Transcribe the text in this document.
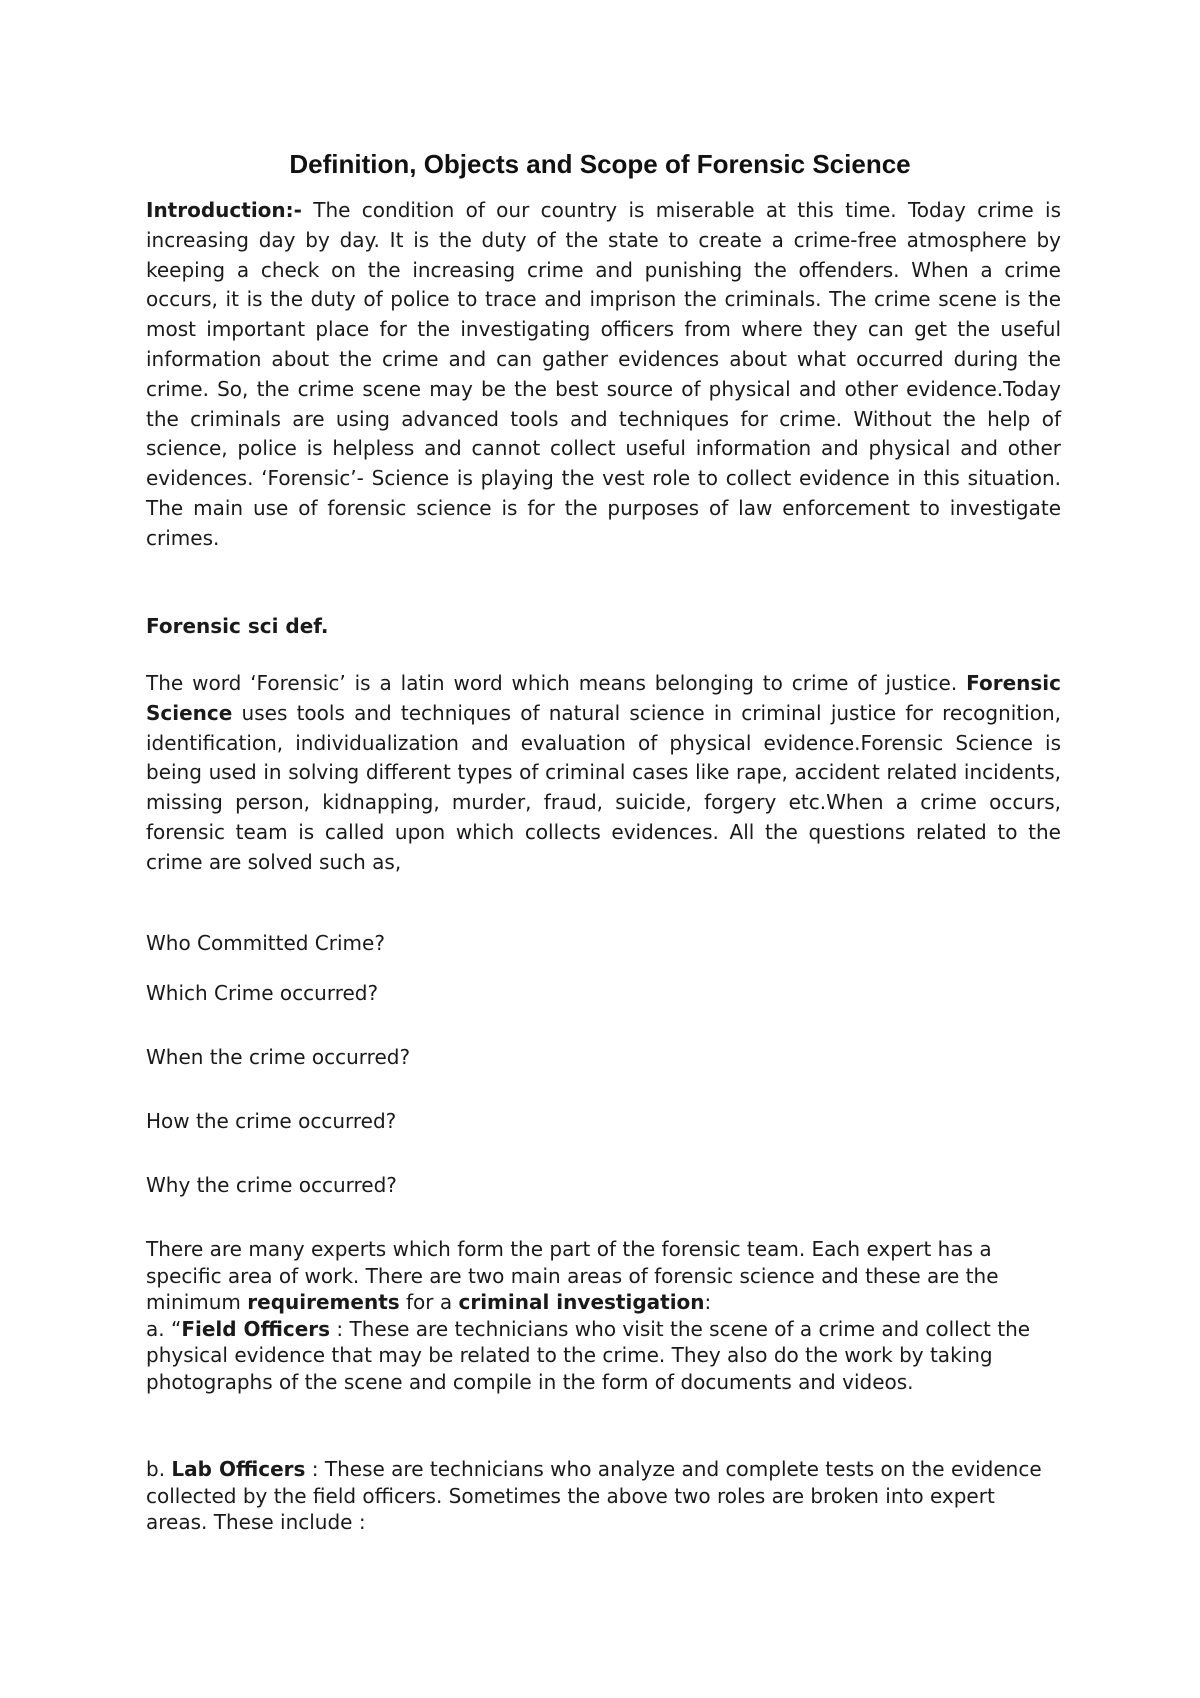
Definition, Objects and Scope of Forensic Science

Introduction:- The condition of our country is miserable at this time. Today crime is increasing day by day. It is the duty of the state to create a crime-free atmosphere by keeping a check on the increasing crime and punishing the offenders. When a crime occurs, it is the duty of police to trace and imprison the criminals. The crime scene is the most important place for the investigating officers from where they can get the useful information about the crime and can gather evidences about what occurred during the crime. So, the crime scene may be the best source of physical and other evidence.Today the criminals are using advanced tools and techniques for crime. Without the help of science, police is helpless and cannot collect useful information and physical and other evidences. ‘Forensic’- Science is playing the vest role to collect evidence in this situation. The main use of forensic science is for the purposes of law enforcement to investigate crimes.

Forensic sci def.

The word ‘Forensic’ is a latin word which means belonging to crime of justice. Forensic Science uses tools and techniques of natural science in criminal justice for recognition, identification, individualization and evaluation of physical evidence.Forensic Science is being used in solving different types of criminal cases like rape, accident related incidents, missing person, kidnapping, murder, fraud, suicide, forgery etc.When a crime occurs, forensic team is called upon which collects evidences. All the questions related to the crime are solved such as,

Who Committed Crime?

Which Crime occurred?

When the crime occurred?

How the crime occurred?

Why the crime occurred?

There are many experts which form the part of the forensic team. Each expert has a specific area of work. There are two main areas of forensic science and these are the minimum requirements for a criminal investigation:
a. “Field Officers : These are technicians who visit the scene of a crime and collect the physical evidence that may be related to the crime. They also do the work by taking photographs of the scene and compile in the form of documents and videos.

b. Lab Officers : These are technicians who analyze and complete tests on the evidence collected by the field officers. Sometimes the above two roles are broken into expert areas. These include :
